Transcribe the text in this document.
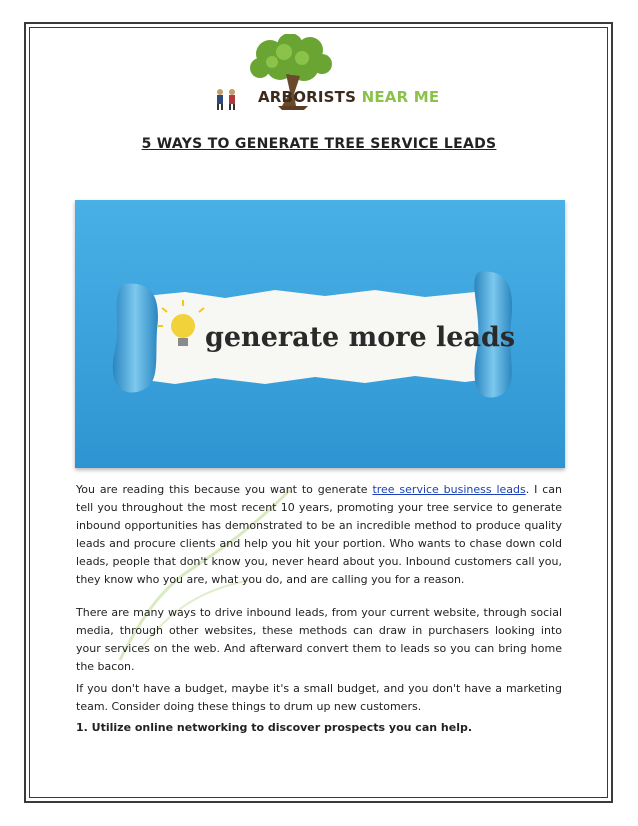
ARBORISTS NEAR ME
5 WAYS TO GENERATE TREE SERVICE LEADS
generate more leads
You are reading this because you want to generate tree service business leads. I can tell you throughout the most recent 10 years, promoting your tree service to generate inbound opportunities has demonstrated to be an incredible method to produce quality leads and procure clients and help you hit your portion. Who wants to chase down cold leads, people that don't know you, never heard about you. Inbound customers call you, they know who you are, what you do, and are calling you for a reason.
There are many ways to drive inbound leads, from your current website, through social media, through other websites, these methods can draw in purchasers looking into your services on the web. And afterward convert them to leads so you can bring home the bacon.
If you don't have a budget, maybe it's a small budget, and you don't have a marketing team. Consider doing these things to drum up new customers.
1. Utilize online networking to discover prospects you can help.
